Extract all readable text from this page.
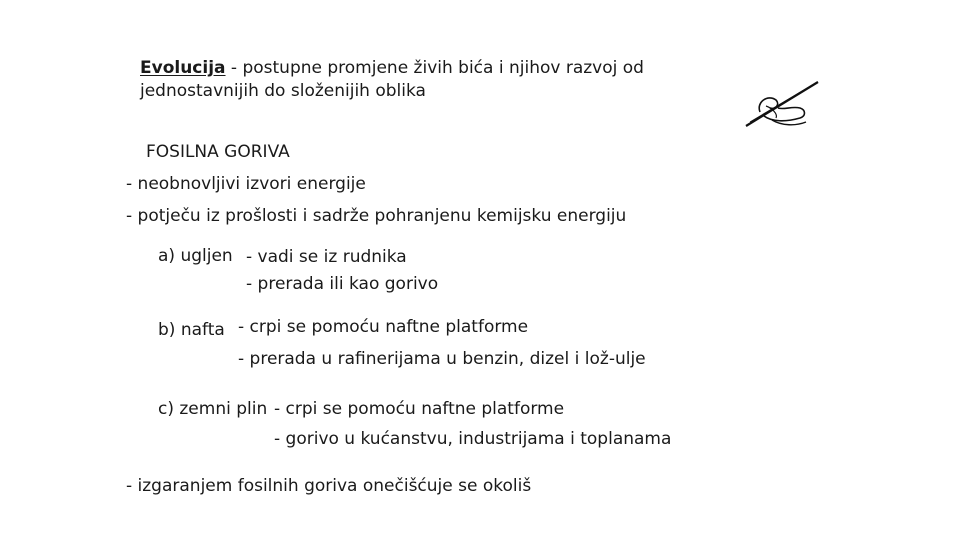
Evolucija - postupne promjene živih bića i njihov razvoj od
jednostavnijih do složenijih oblika
FOSILNA GORIVA
- neobnovljivi izvori energije
- potječu iz prošlosti i sadrže pohranjenu kemijsku energiju
a) ugljen - vadi se iz rudnika
- prerada ili kao gorivo
b) nafta - crpi se pomoću naftne platforme
- prerada u rafinerijama u benzin, dizel i lož-ulje
c) zemni plin - crpi se pomoću naftne platforme
- gorivo u kućanstvu, industrijama i toplanama
- izgaranjem fosilnih goriva onečišćuje se okoliš
